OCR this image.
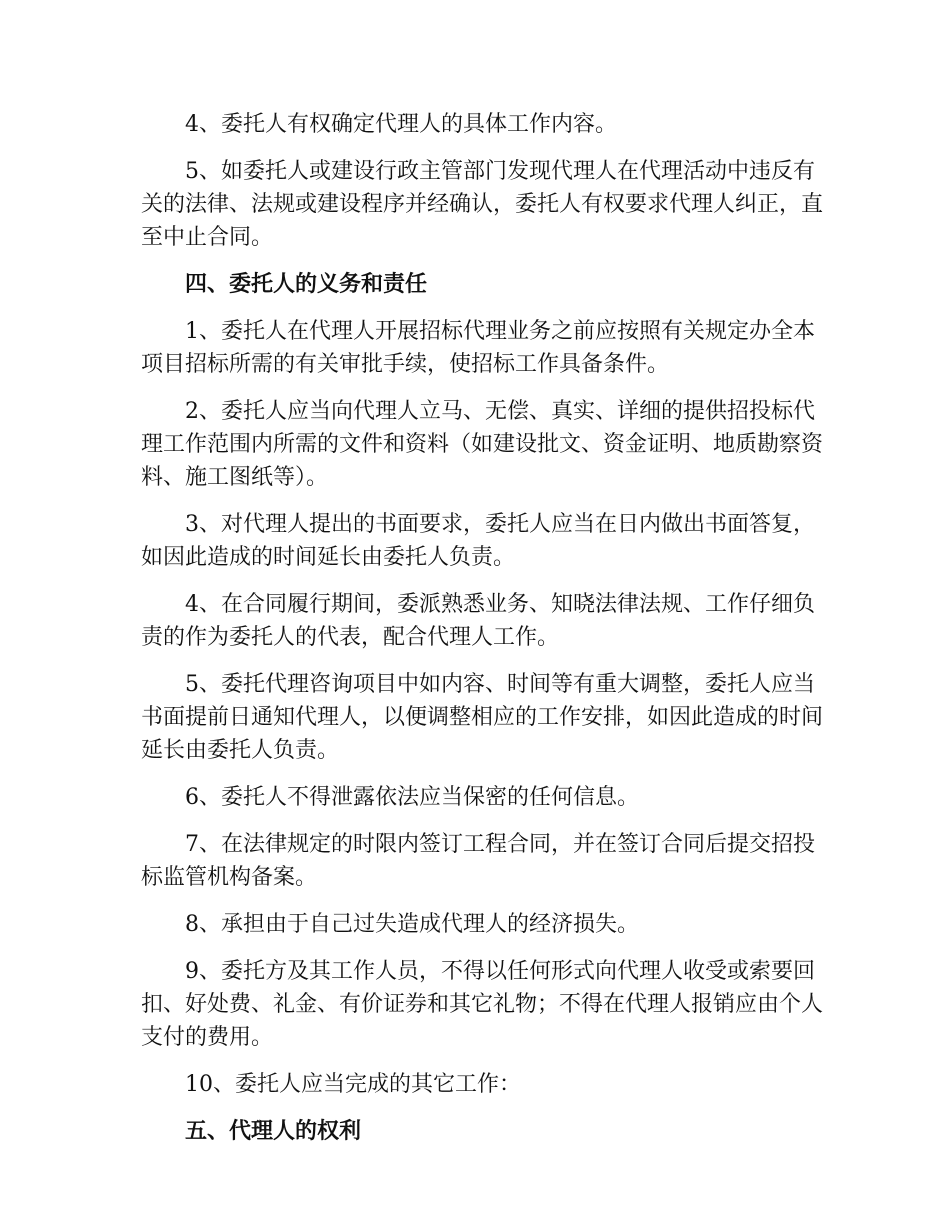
4、委托人有权确定代理人的具体工作内容。

5、如委托人或建设行政主管部门发现代理人在代理活动中违反有关的法律、法规或建设程序并经确认，委托人有权要求代理人纠正，直至中止合同。

四、委托人的义务和责任

1、委托人在代理人开展招标代理业务之前应按照有关规定办全本项目招标所需的有关审批手续，使招标工作具备条件。

2、委托人应当向代理人立马、无偿、真实、详细的提供招投标代理工作范围内所需的文件和资料（如建设批文、资金证明、地质勘察资料、施工图纸等）。

3、对代理人提出的书面要求，委托人应当在日内做出书面答复，如因此造成的时间延长由委托人负责。

4、在合同履行期间，委派熟悉业务、知晓法律法规、工作仔细负责的作为委托人的代表，配合代理人工作。

5、委托代理咨询项目中如内容、时间等有重大调整，委托人应当书面提前日通知代理人，以便调整相应的工作安排，如因此造成的时间延长由委托人负责。

6、委托人不得泄露依法应当保密的任何信息。

7、在法律规定的时限内签订工程合同，并在签订合同后提交招投标监管机构备案。

8、承担由于自己过失造成代理人的经济损失。

9、委托方及其工作人员，不得以任何形式向代理人收受或索要回扣、好处费、礼金、有价证券和其它礼物；不得在代理人报销应由个人支付的费用。

10、委托人应当完成的其它工作：

五、代理人的权利
